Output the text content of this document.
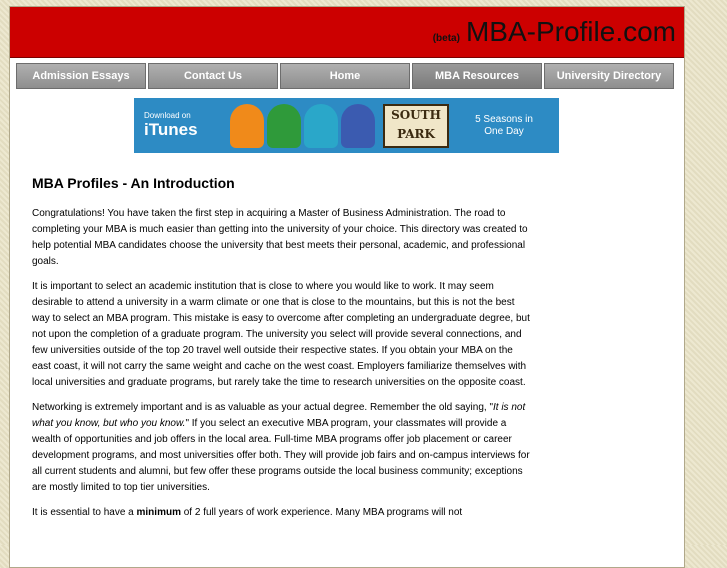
(beta) MBA-Profile.com
Admission Essays	Contact Us	Home	MBA Resources	University Directory
Download on
iTunes
SOUTH
PARK
5 Seasons in
One Day
MBA Profiles - An Introduction

Congratulations! You have taken the first step in acquiring a Master of Business Administration. The road to completing your MBA is much easier than getting into the university of your choice. This directory was created to help potential MBA candidates choose the university that best meets their personal, academic, and professional goals.

It is important to select an academic institution that is close to where you would like to work. It may seem desirable to attend a university in a warm climate or one that is close to the mountains, but this is not the best way to select an MBA program. This mistake is easy to overcome after completing an undergraduate degree, but not upon the completion of a graduate program. The university you select will provide several connections, and few universities outside of the top 20 travel well outside their respective states. If you obtain your MBA on the east coast, it will not carry the same weight and cache on the west coast. Employers familiarize themselves with local universities and graduate programs, but rarely take the time to research universities on the opposite coast.

Networking is extremely important and is as valuable as your actual degree. Remember the old saying, "It is not what you know, but who you know." If you select an executive MBA program, your classmates will provide a wealth of opportunities and job offers in the local area. Full-time MBA programs offer job placement or career development programs, and most universities offer both. They will provide job fairs and on-campus interviews for all current students and alumni, but few offer these programs outside the local business community; exceptions are mostly limited to top tier universities.

It is essential to have a minimum of 2 full years of work experience. Many MBA programs will not
